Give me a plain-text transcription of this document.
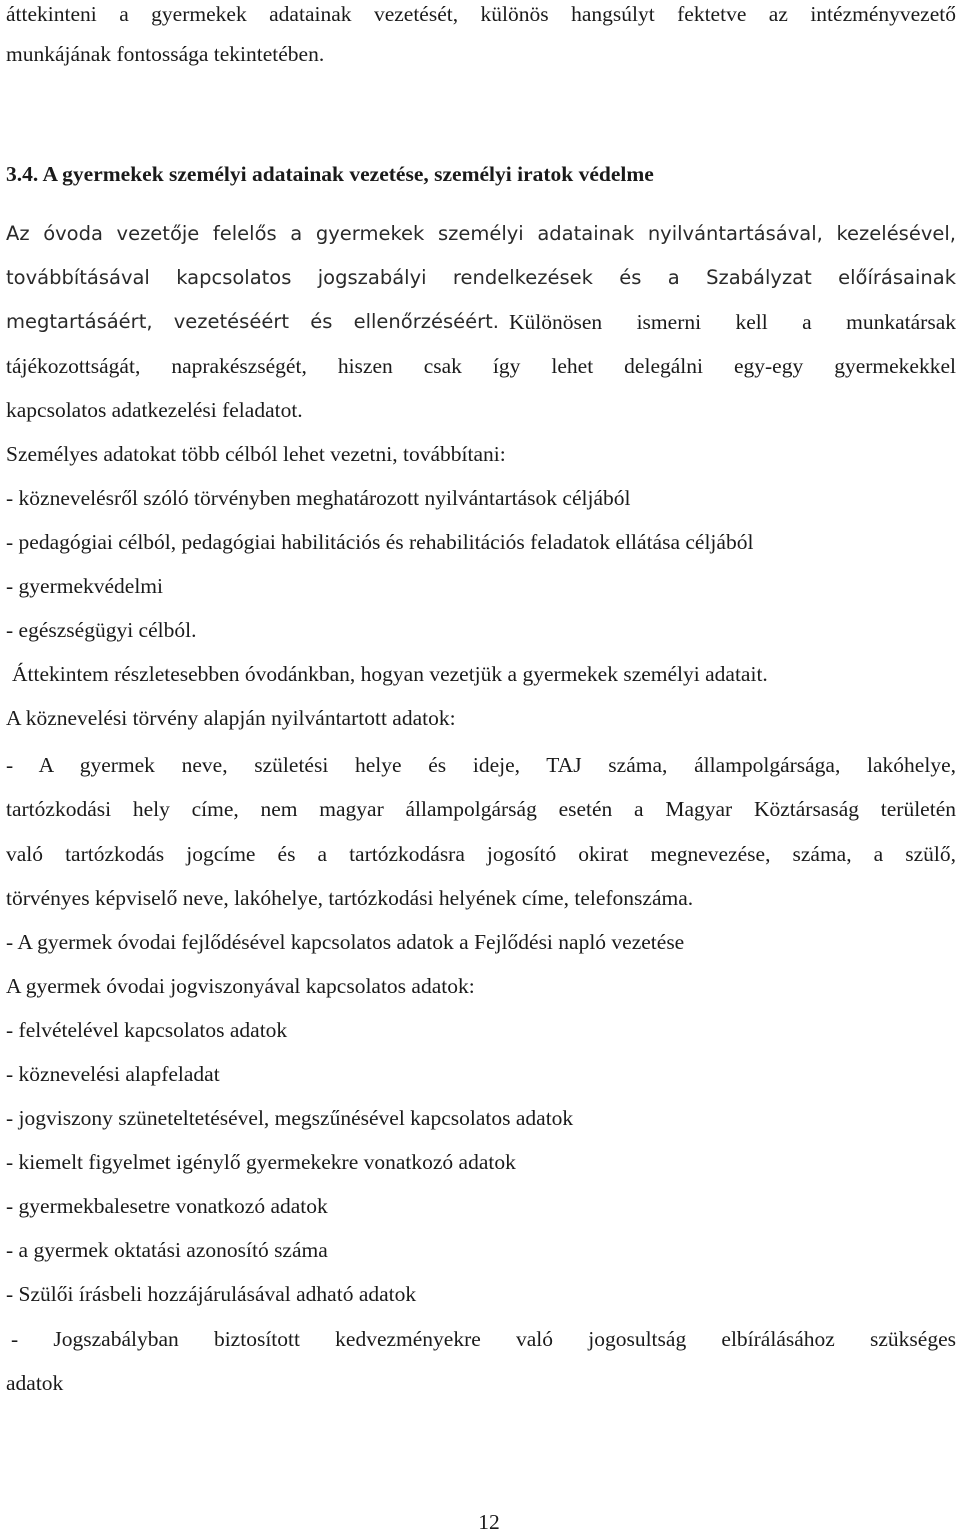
áttekinteni a gyermekek adatainak vezetését, különös hangsúlyt fektetve az intézményvezető
munkájának fontossága tekintetében.
3.4. A gyermekek személyi adatainak vezetése, személyi iratok védelme
Az óvoda vezetője felelős a gyermekek személyi adatainak nyilvántartásával, kezelésével,
továbbításával kapcsolatos jogszabályi rendelkezések és a Szabályzat előírásainak
megtartásáért, vezetéséért és ellenőrzéséért. Különösen ismerni kell a munkatársak
tájékozottságát, naprakészségét, hiszen csak így lehet delegálni egy-egy gyermekekkel
kapcsolatos adatkezelési feladatot.
Személyes adatokat több célból lehet vezetni, továbbítani:
- köznevelésről szóló törvényben meghatározott nyilvántartások céljából
- pedagógiai célból, pedagógiai habilitációs és rehabilitációs feladatok ellátása céljából
- gyermekvédelmi
- egészségügyi célból.
Áttekintem részletesebben óvodánkban, hogyan vezetjük a gyermekek személyi adatait.
A köznevelési törvény alapján nyilvántartott adatok:
- A gyermek neve, születési helye és ideje, TAJ száma, állampolgársága, lakóhelye,
tartózkodási hely címe, nem magyar állampolgárság esetén a Magyar Köztársaság területén
való tartózkodás jogcíme és a tartózkodásra jogosító okirat megnevezése, száma, a szülő,
törvényes képviselő neve, lakóhelye, tartózkodási helyének címe, telefonszáma.
- A gyermek óvodai fejlődésével kapcsolatos adatok a Fejlődési napló vezetése
A gyermek óvodai jogviszonyával kapcsolatos adatok:
- felvételével kapcsolatos adatok
- köznevelési alapfeladat
- jogviszony szüneteltetésével, megszűnésével kapcsolatos adatok
- kiemelt figyelmet igénylő gyermekekre vonatkozó adatok
- gyermekbalesetre vonatkozó adatok
- a gyermek oktatási azonosító száma
- Szülői írásbeli hozzájárulásával adható adatok
- Jogszabályban biztosított kedvezményekre való jogosultság elbírálásához szükséges
adatok
12
